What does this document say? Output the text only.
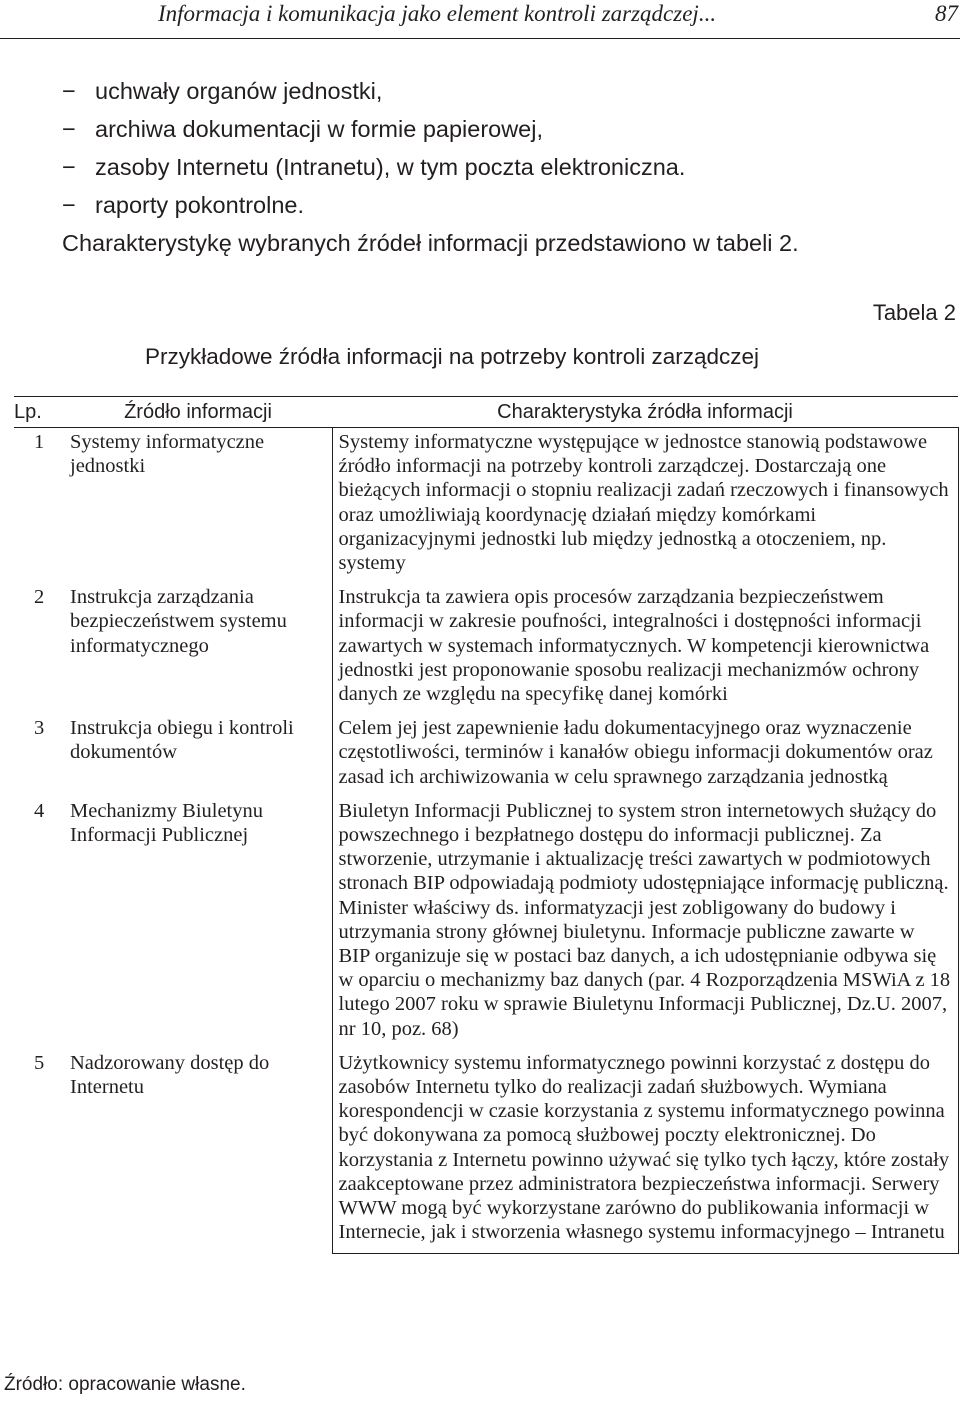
Informacja i komunikacja jako element kontroli zarządczej...	87
− uchwały organów jednostki,
− archiwa dokumentacji w formie papierowej,
− zasoby Internetu (Intranetu), w tym poczta elektroniczna.
− raporty pokontrolne.
Charakterystykę wybranych źródeł informacji przedstawiono w tabeli 2.
Tabela 2
Przykładowe źródła informacji na potrzeby kontroli zarządczej
Lp.	Źródło informacji	Charakterystyka źródła informacji
1	Systemy informatyczne jednostki	Systemy informatyczne występujące w jednostce stanowią podstawowe źródło informacji na potrzeby kontroli zarządczej. Dostarczają one bieżących informacji o stopniu realizacji zadań rzeczowych i finansowych oraz umożliwiają koordynację działań między komórkami organizacyjnymi jednostki lub między jednostką a otoczeniem, np. systemy
2	Instrukcja zarządzania bezpieczeństwem systemu informatycznego	Instrukcja ta zawiera opis procesów zarządzania bezpieczeństwem informacji w zakresie poufności, integralności i dostępności informacji zawartych w systemach informatycznych. W kompetencji kierownictwa jednostki jest proponowanie sposobu realizacji mechanizmów ochrony danych ze względu na specyfikę danej komórki
3	Instrukcja obiegu i kontroli dokumentów	Celem jej jest zapewnienie ładu dokumentacyjnego oraz wyznaczenie częstotliwości, terminów i kanałów obiegu informacji dokumentów oraz zasad ich archiwizowania w celu sprawnego zarządzania jednostką
4	Mechanizmy Biuletynu Informacji Publicznej	Biuletyn Informacji Publicznej to system stron internetowych służący do powszechnego i bezpłatnego dostępu do informacji publicznej. Za stworzenie, utrzymanie i aktualizację treści zawartych w podmiotowych stronach BIP odpowiadają podmioty udostępniające informację publiczną. Minister właściwy ds. informatyzacji jest zobligowany do budowy i utrzymania strony głównej biuletynu. Informacje publiczne zawarte w BIP organizuje się w postaci baz danych, a ich udostępnianie odbywa się w oparciu o mechanizmy baz danych (par. 4 Rozporządzenia MSWiA z 18 lutego 2007 roku w sprawie Biuletynu Informacji Publicznej, Dz.U. 2007, nr 10, poz. 68)
5	Nadzorowany dostęp do Internetu	Użytkownicy systemu informatycznego powinni korzystać z dostępu do zasobów Internetu tylko do realizacji zadań służbowych. Wymiana korespondencji w czasie korzystania z systemu informatycznego powinna być dokonywana za pomocą służbowej poczty elektronicznej. Do korzystania z Internetu powinno używać się tylko tych łączy, które zostały zaakceptowane przez administratora bezpieczeństwa informacji. Serwery WWW mogą być wykorzystane zarówno do publikowania informacji w Internecie, jak i stworzenia własnego systemu informacyjnego – Intranetu
Źródło: opracowanie własne.
